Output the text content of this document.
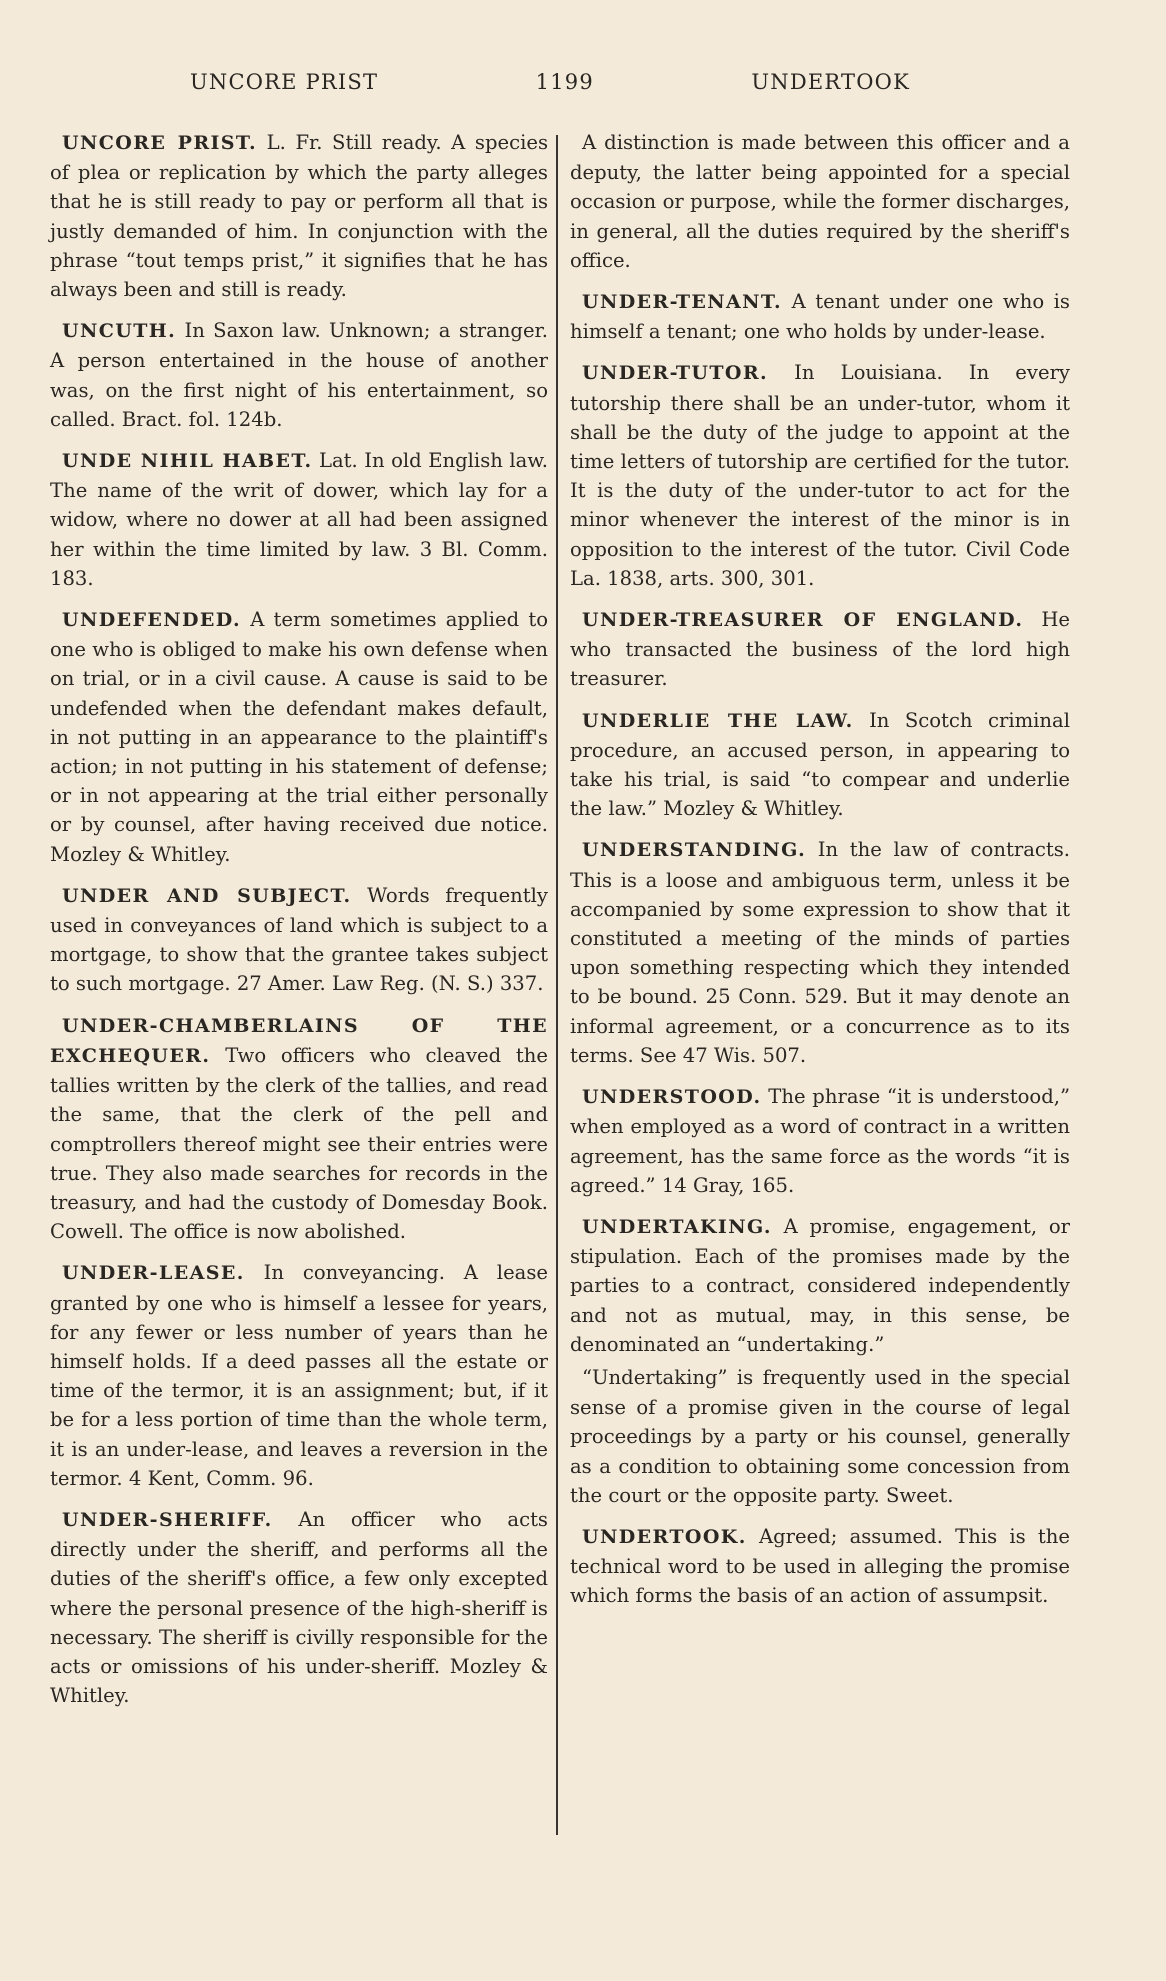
UNCORE PRIST	1199	UNDERTOOK

UNCORE PRIST. L. Fr. Still ready. A species of plea or replication by which the party alleges that he is still ready to pay or perform all that is justly demanded of him. In conjunction with the phrase “tout temps prist,” it signifies that he has always been and still is ready.

UNCUTH. In Saxon law. Unknown; a stranger. A person entertained in the house of another was, on the first night of his entertainment, so called. Bract. fol. 124b.

UNDE NIHIL HABET. Lat. In old English law. The name of the writ of dower, which lay for a widow, where no dower at all had been assigned her within the time limited by law. 3 Bl. Comm. 183.

UNDEFENDED. A term sometimes applied to one who is obliged to make his own defense when on trial, or in a civil cause. A cause is said to be undefended when the defendant makes default, in not putting in an appearance to the plaintiff's action; in not putting in his statement of defense; or in not appearing at the trial either personally or by counsel, after having received due notice. Mozley & Whitley.

UNDER AND SUBJECT. Words frequently used in conveyances of land which is subject to a mortgage, to show that the grantee takes subject to such mortgage. 27 Amer. Law Reg. (N. S.) 337.

UNDER-CHAMBERLAINS OF THE EXCHEQUER. Two officers who cleaved the tallies written by the clerk of the tallies, and read the same, that the clerk of the pell and comptrollers thereof might see their entries were true. They also made searches for records in the treasury, and had the custody of Domesday Book. Cowell. The office is now abolished.

UNDER-LEASE. In conveyancing. A lease granted by one who is himself a lessee for years, for any fewer or less number of years than he himself holds. If a deed passes all the estate or time of the termor, it is an assignment; but, if it be for a less portion of time than the whole term, it is an under-lease, and leaves a reversion in the termor. 4 Kent, Comm. 96.

UNDER-SHERIFF. An officer who acts directly under the sheriff, and performs all the duties of the sheriff's office, a few only excepted where the personal presence of the high-sheriff is necessary. The sheriff is civilly responsible for the acts or omissions of his under-sheriff. Mozley & Whitley.

A distinction is made between this officer and a deputy, the latter being appointed for a special occasion or purpose, while the former discharges, in general, all the duties required by the sheriff's office.

UNDER-TENANT. A tenant under one who is himself a tenant; one who holds by under-lease.

UNDER-TUTOR. In Louisiana. In every tutorship there shall be an under-tutor, whom it shall be the duty of the judge to appoint at the time letters of tutorship are certified for the tutor. It is the duty of the under-tutor to act for the minor whenever the interest of the minor is in opposition to the interest of the tutor. Civil Code La. 1838, arts. 300, 301.

UNDER-TREASURER OF ENGLAND. He who transacted the business of the lord high treasurer.

UNDERLIE THE LAW. In Scotch criminal procedure, an accused person, in appearing to take his trial, is said “to compear and underlie the law.” Mozley & Whitley.

UNDERSTANDING. In the law of contracts. This is a loose and ambiguous term, unless it be accompanied by some expression to show that it constituted a meeting of the minds of parties upon something respecting which they intended to be bound. 25 Conn. 529. But it may denote an informal agreement, or a concurrence as to its terms. See 47 Wis. 507.

UNDERSTOOD. The phrase “it is understood,” when employed as a word of contract in a written agreement, has the same force as the words “it is agreed.” 14 Gray, 165.

UNDERTAKING. A promise, engagement, or stipulation. Each of the promises made by the parties to a contract, considered independently and not as mutual, may, in this sense, be denominated an “undertaking.”

“Undertaking” is frequently used in the special sense of a promise given in the course of legal proceedings by a party or his counsel, generally as a condition to obtaining some concession from the court or the opposite party. Sweet.

UNDERTOOK. Agreed; assumed. This is the technical word to be used in alleging the promise which forms the basis of an action of assumpsit.
